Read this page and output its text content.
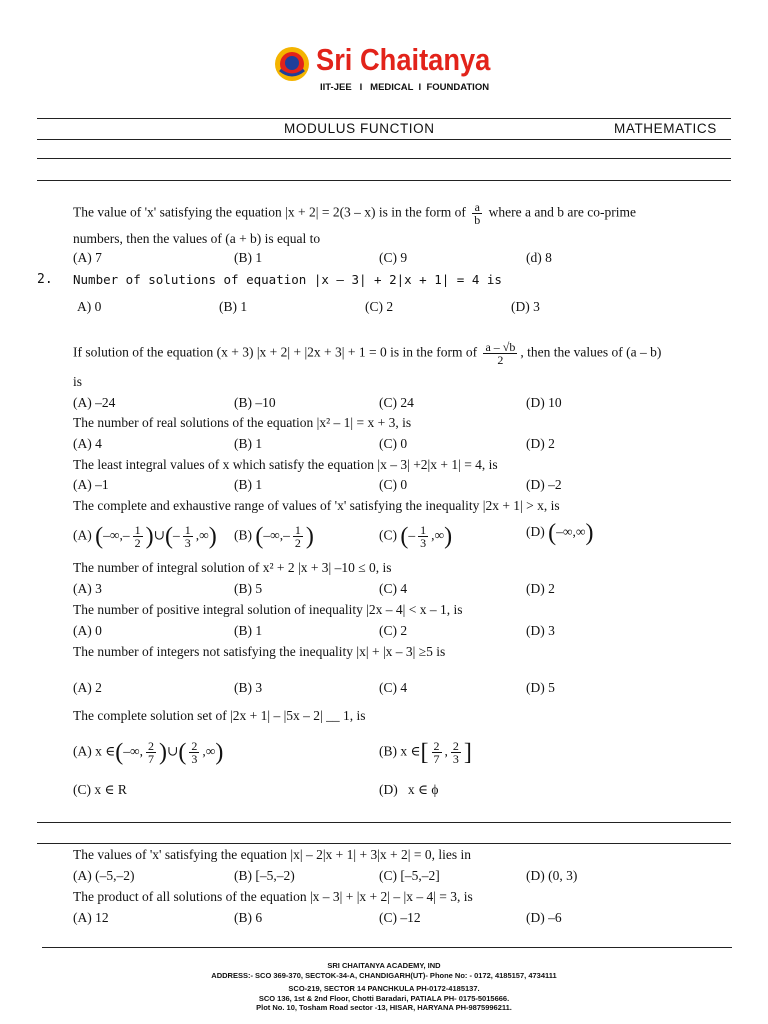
Sri Chaitanya
IIT-JEE   I   MEDICAL  I  FOUNDATION
MODULUS FUNCTION	MATHEMATICS
The value of 'x' satisfying the equation |x + 2| = 2(3 – x) is in the form of $\frac{a}{b}$ where a and b are co-prime
numbers, then the values of (a + b) is equal to
(A) 7	(B) 1	(C) 9	(d) 8
2. Number of solutions of equation |x – 3| + 2|x + 1| = 4 is
A) 0	(B) 1	(C) 2	(D) 3
If solution of the equation (x + 3) |x + 2| + |2x + 3| + 1 = 0 is in the form of $\frac{a - √b}{2}$ , then the values of (a – b)
is
(A) –24	(B) –10	(C) 24	(D) 10
The number of real solutions of the equation |x² – 1| = x + 3, is
(A) 4	(B) 1	(C) 0	(D) 2
The least integral values of x which satisfy the equation |x – 3| +2|x + 1| = 4, is
(A) –1	(B) 1	(C) 0	(D) –2
The complete and exhaustive range of values of 'x' satisfying the inequality |2x + 1| > x, is
(A) (–∞,– $\frac{1}{2}$ )∪(– $\frac{1}{3}$ ,∞) (B) (–∞,– $\frac{1}{2}$ )	(C) (– $\frac{1}{3}$ ,∞)	(D) (–∞,∞)
The number of integral solution of x² + 2 |x + 3| –10 ≤ 0, is
(A) 3	(B) 5	(C) 4	(D) 2
The number of positive integral solution of inequality |2x – 4| < x – 1, is
(A) 0	(B) 1	(C) 2	(D) 3
The number of integers not satisfying the inequality |x| + |x – 3| ≥5 is
(A) 2	(B) 3	(C) 4	(D) 5
The complete solution set of |2x + 1| – |5x – 2| __ 1, is
(A) x ∈(–∞, $\frac{2}{7}$ )∪( $\frac{2}{3}$ ,∞)	(B) x ∈[ $\frac{2}{7}$ , $\frac{2}{3}$ ]
(C) x ∈ R	(D)   x ∈ ϕ
The values of 'x' satisfying the equation |x| – 2|x + 1| + 3|x + 2| = 0, lies in
(A) (–5,–2)	(B) [–5,–2)	(C) [–5,–2]	(D) (0, 3)
The product of all solutions of the equation |x – 3| + |x + 2| – |x – 4| = 3, is
(A) 12	(B) 6	(C) –12	(D) –6
SRI CHAITANYA ACADEMY, IND
ADDRESS:- SCO 369-370, SECTOK-34-A, CHANDIGARH(UT)- Phone No: - 0172, 4185157, 4734111
SCO-219, SECTOR 14 PANCHKULA PH-0172-4185137.
SCO 136, 1st & 2nd Floor, Chotti Baradari, PATIALA PH- 0175-5015666.
Plot No. 10, Tosham Road sector -13, HISAR, HARYANA PH-9875996211.
